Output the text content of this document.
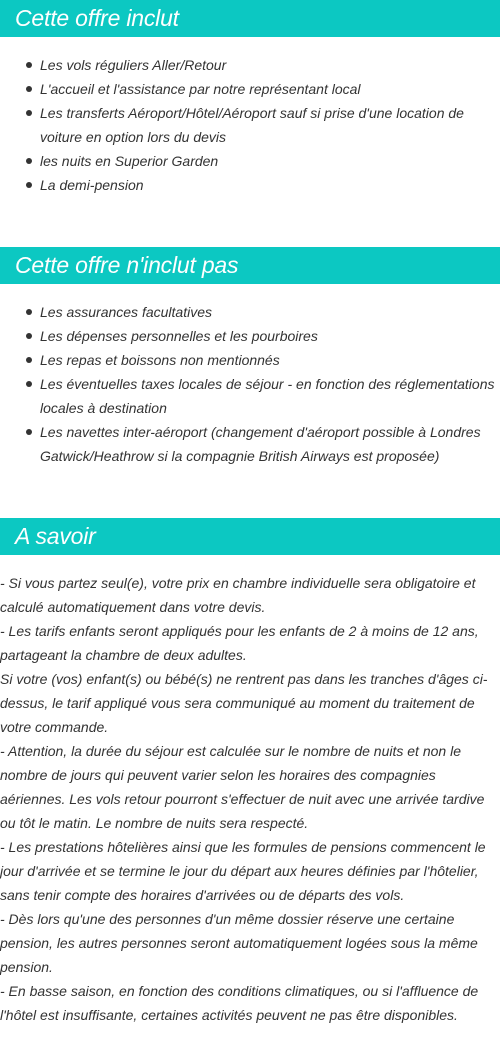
Cette offre inclut
Les vols réguliers Aller/Retour
L'accueil et l'assistance par notre représentant local
Les transferts Aéroport/Hôtel/Aéroport sauf si prise d'une location de voiture en option lors du devis
les nuits en Superior Garden
La demi-pension
Cette offre n'inclut pas
Les assurances facultatives
Les dépenses personnelles et les pourboires
Les repas et boissons non mentionnés
Les éventuelles taxes locales de séjour - en fonction des réglementations locales à destination
Les navettes inter-aéroport (changement d'aéroport possible à Londres Gatwick/Heathrow si la compagnie British Airways est proposée)
A savoir

- Si vous partez seul(e), votre prix en chambre individuelle sera obligatoire et calculé automatiquement dans votre devis.

- Les tarifs enfants seront appliqués pour les enfants de 2 à moins de 12 ans, partageant la chambre de deux adultes.

Si votre (vos) enfant(s) ou bébé(s) ne rentrent pas dans les tranches d'âges ci-dessus, le tarif appliqué vous sera communiqué au moment du traitement de votre commande.

- Attention, la durée du séjour est calculée sur le nombre de nuits et non le nombre de jours qui peuvent varier selon les horaires des compagnies aériennes. Les vols retour pourront s'effectuer de nuit avec une arrivée tardive ou tôt le matin. Le nombre de nuits sera respecté.

- Les prestations hôtelières ainsi que les formules de pensions commencent le jour d'arrivée et se termine le jour du départ aux heures définies par l'hôtelier, sans tenir compte des horaires d'arrivées ou de départs des vols.

- Dès lors qu'une des personnes d'un même dossier réserve une certaine pension, les autres personnes seront automatiquement logées sous la même pension.

- En basse saison, en fonction des conditions climatiques, ou si l'affluence de l'hôtel est insuffisante, certaines activités peuvent ne pas être disponibles.
